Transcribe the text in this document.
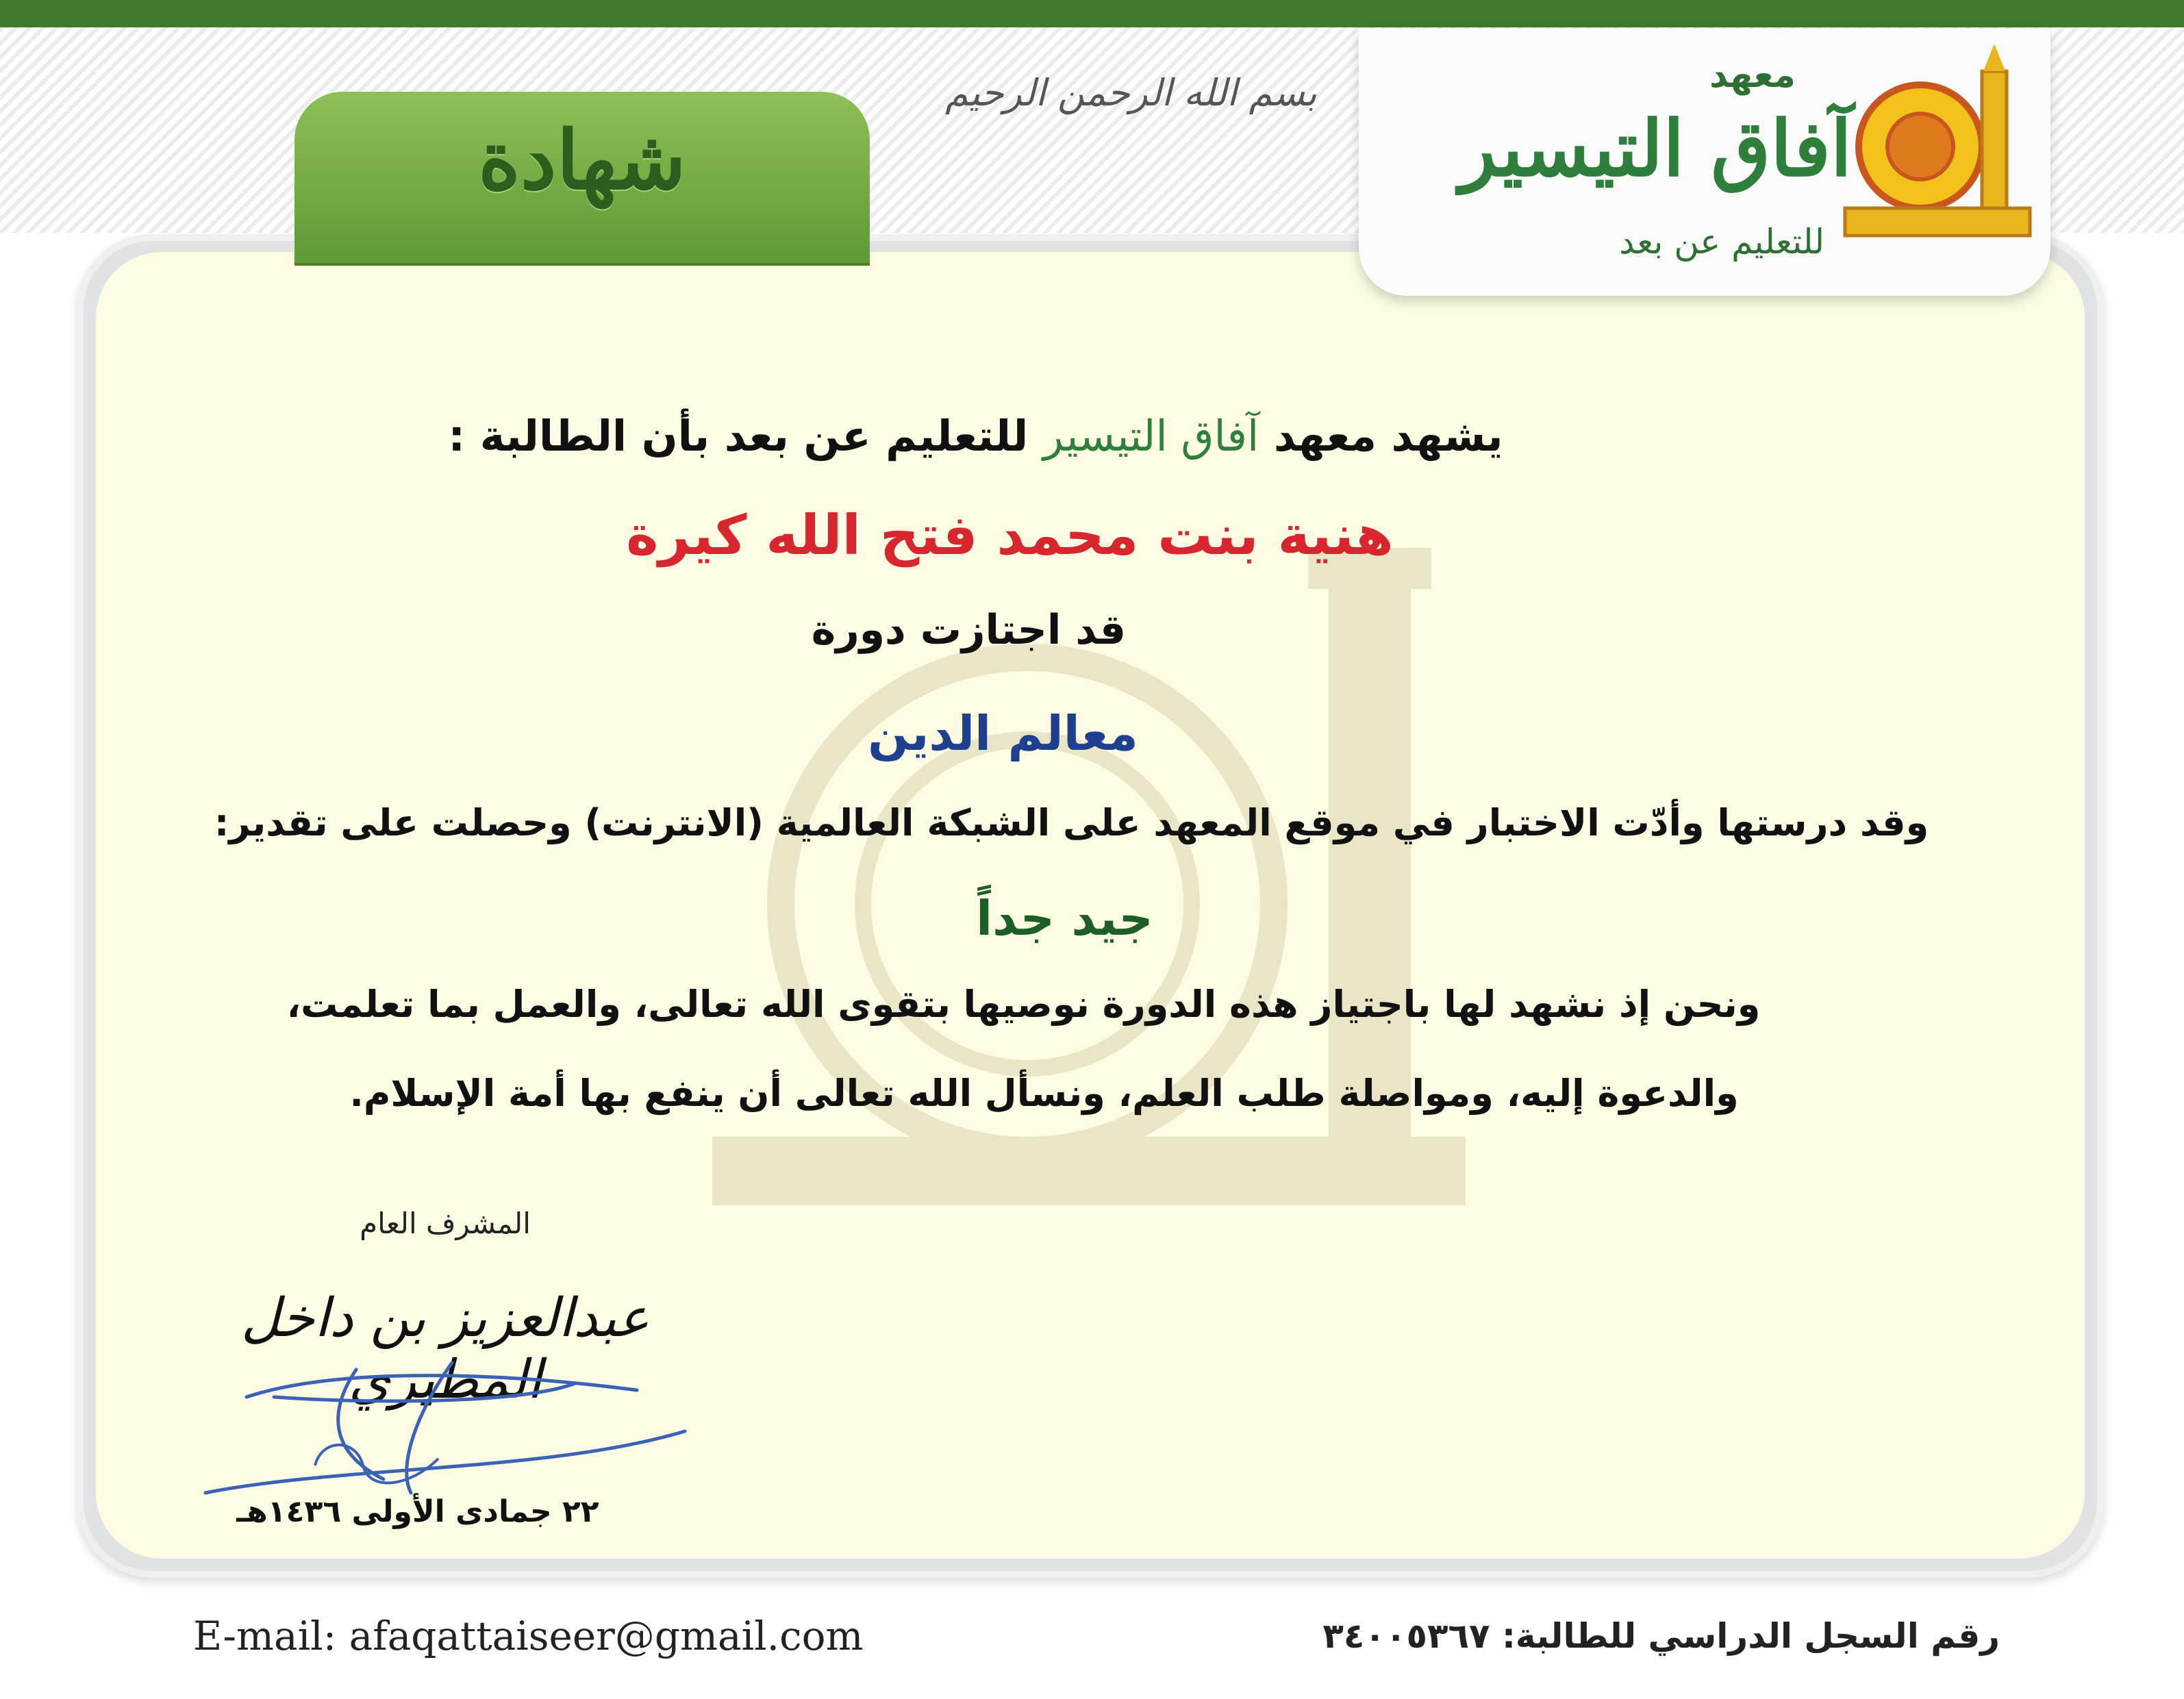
شهادة
بسم الله الرحمن الرحيم	معهد
آفاق التيسير
للتعليم عن بعد
يشهد معهد آفاق التيسير للتعليم عن بعد بأن الطالبة :
هنية بنت محمد فتح الله كيرة
قد اجتازت دورة
معالم الدين
وقد درستها وأدّت الاختبار في موقع المعهد على الشبكة العالمية (الانترنت) وحصلت على تقدير:
جيد جداً
ونحن إذ نشهد لها باجتياز هذه الدورة نوصيها بتقوى الله تعالى، والعمل بما تعلمت،
والدعوة إليه، ومواصلة طلب العلم، ونسأل الله تعالى أن ينفع بها أمة الإسلام.
المشرف العام
عبدالعزيز بن داخل المطيري
٢٢ جمادى الأولى ١٤٣٦هـ
E-mail: afaqattaiseer@gmail.com	رقم السجل الدراسي للطالبة: ٣٤٠٠٥٣٦٧
